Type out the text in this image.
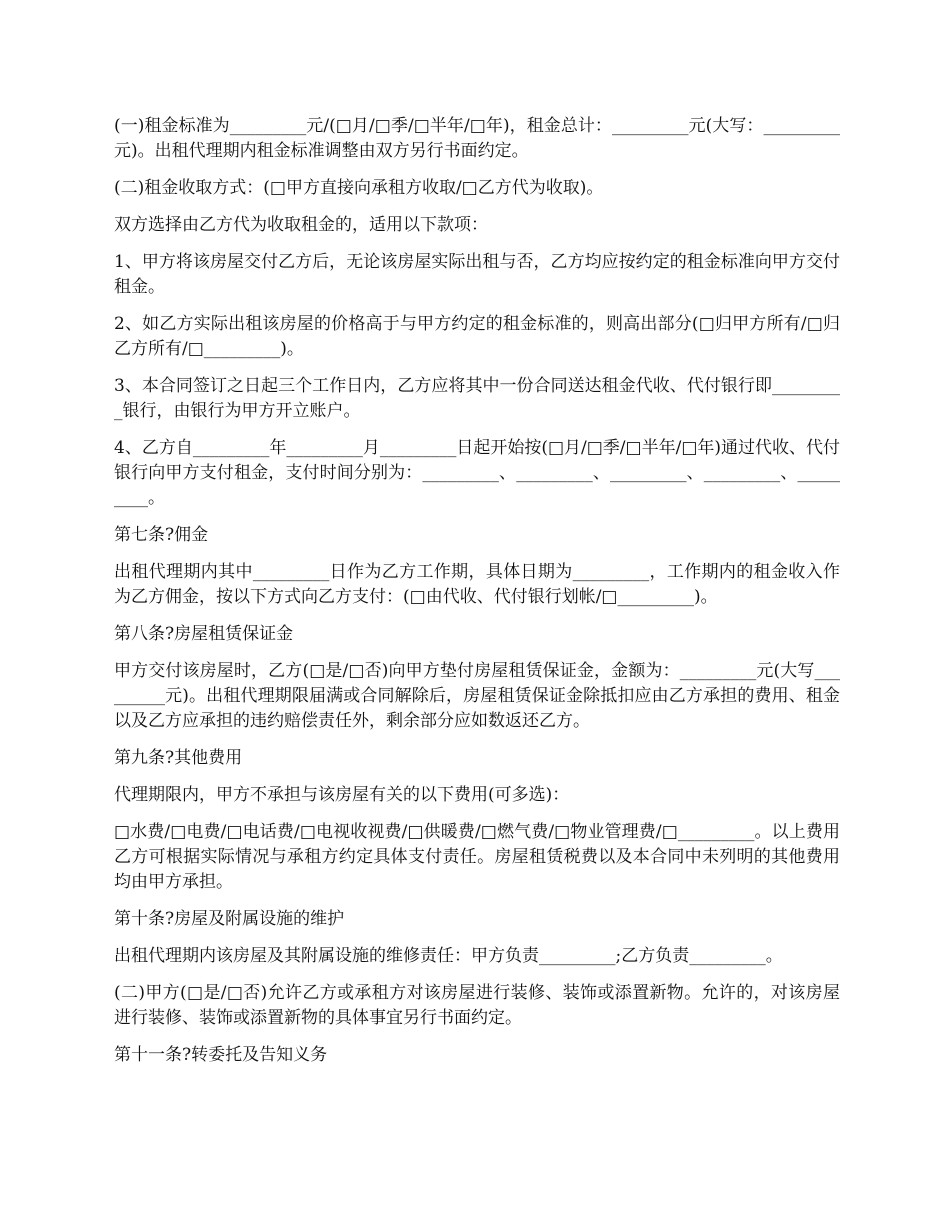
(一)租金标准为_________元/(□月/□季/□半年/□年)，租金总计：_________元(大写：_________元)。出租代理期内租金标准调整由双方另行书面约定。

(二)租金收取方式：(□甲方直接向承租方收取/□乙方代为收取)。

双方选择由乙方代为收取租金的，适用以下款项：

1、甲方将该房屋交付乙方后，无论该房屋实际出租与否，乙方均应按约定的租金标准向甲方交付租金。

2、如乙方实际出租该房屋的价格高于与甲方约定的租金标准的，则高出部分(□归甲方所有/□归乙方所有/□_________)。

3、本合同签订之日起三个工作日内，乙方应将其中一份合同送达租金代收、代付银行即_________银行，由银行为甲方开立账户。

4、乙方自_________年_________月_________日起开始按(□月/□季/□半年/□年)通过代收、代付银行向甲方支付租金，支付时间分别为：_________、_________、_________、_________、_________。

第七条?佣金

出租代理期内其中_________日作为乙方工作期，具体日期为_________，工作期内的租金收入作为乙方佣金，按以下方式向乙方支付：(□由代收、代付银行划帐/□_________)。

第八条?房屋租赁保证金

甲方交付该房屋时，乙方(□是/□否)向甲方垫付房屋租赁保证金，金额为：_________元(大写_________元)。出租代理期限届满或合同解除后，房屋租赁保证金除抵扣应由乙方承担的费用、租金以及乙方应承担的违约赔偿责任外，剩余部分应如数返还乙方。

第九条?其他费用

代理期限内，甲方不承担与该房屋有关的以下费用(可多选)：

□水费/□电费/□电话费/□电视收视费/□供暖费/□燃气费/□物业管理费/□_________。以上费用乙方可根据实际情况与承租方约定具体支付责任。房屋租赁税费以及本合同中未列明的其他费用均由甲方承担。

第十条?房屋及附属设施的维护

出租代理期内该房屋及其附属设施的维修责任：甲方负责_________;乙方负责_________。

(二)甲方(□是/□否)允许乙方或承租方对该房屋进行装修、装饰或添置新物。允许的，对该房屋进行装修、装饰或添置新物的具体事宜另行书面约定。

第十一条?转委托及告知义务
